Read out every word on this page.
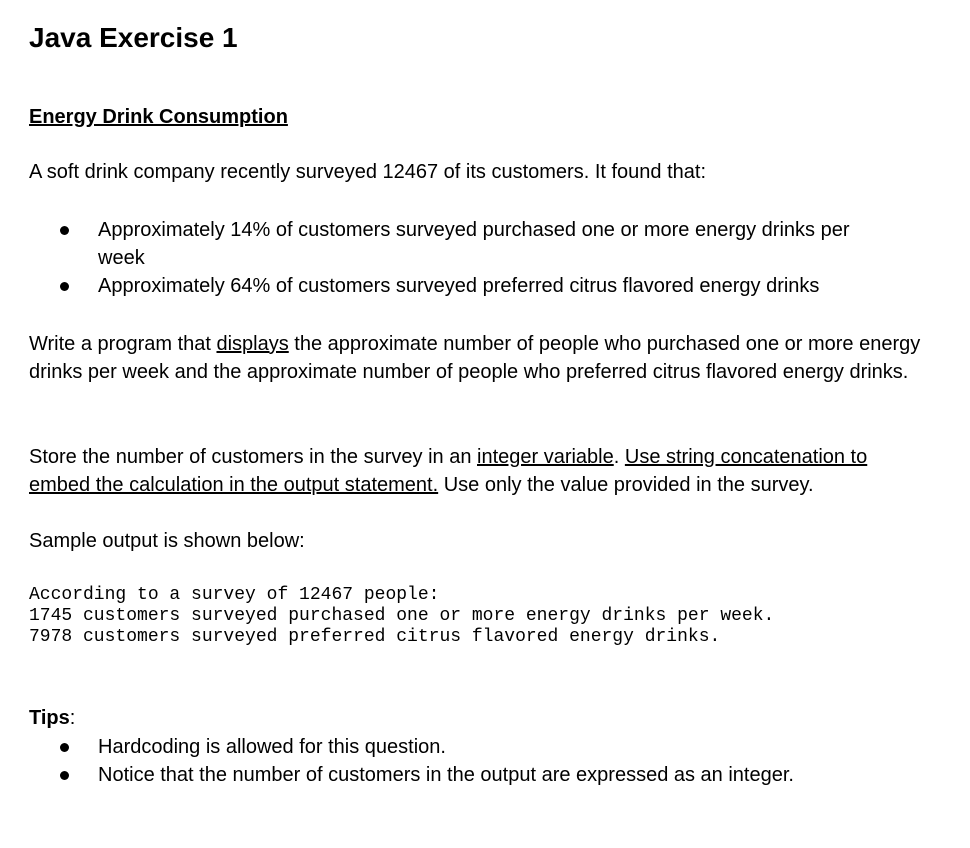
Java Exercise 1
Energy Drink Consumption

A soft drink company recently surveyed 12467 of its customers. It found that:

Approximately 14% of customers surveyed purchased one or more energy drinks per week
Approximately 64% of customers surveyed preferred citrus flavored energy drinks

Write a program that displays the approximate number of people who purchased one or more energy drinks per week and the approximate number of people who preferred citrus flavored energy drinks.

Store the number of customers in the survey in an integer variable. Use string concatenation to embed the calculation in the output statement. Use only the value provided in the survey.

Sample output is shown below:

According to a survey of 12467 people:
1745 customers surveyed purchased one or more energy drinks per week.
7978 customers surveyed preferred citrus flavored energy drinks.

Tips:

Hardcoding is allowed for this question.
Notice that the number of customers in the output are expressed as an integer.
